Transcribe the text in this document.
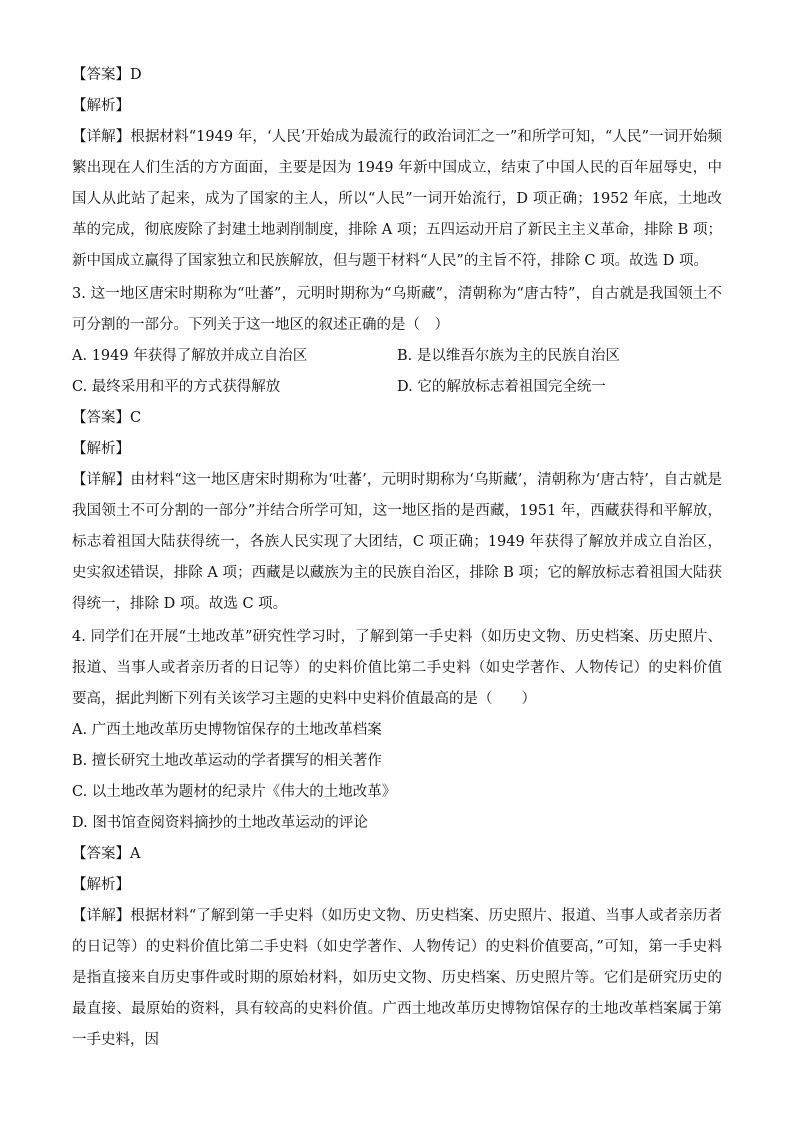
【答案】D
【解析】
【详解】根据材料“1949 年，‘人民’开始成为最流行的政治词汇之一”和所学可知，“人民”一词开始频繁出现在人们生活的方方面面，主要是因为 1949 年新中国成立，结束了中国人民的百年屈辱史，中国人从此站了起来，成为了国家的主人，所以“人民”一词开始流行，D 项正确；1952 年底，土地改革的完成，彻底废除了封建土地剥削制度，排除 A 项；五四运动开启了新民主主义革命，排除 B 项；新中国成立赢得了国家独立和民族解放，但与题干材料“人民”的主旨不符，排除 C 项。故选 D 项。
3. 这一地区唐宋时期称为“吐蕃”，元明时期称为“乌斯藏”，清朝称为“唐古特”，自古就是我国领土不可分割的一部分。下列关于这一地区的叙述正确的是（　）
A. 1949 年获得了解放并成立自治区	B. 是以维吾尔族为主的民族自治区
C. 最终采用和平的方式获得解放	D. 它的解放标志着祖国完全统一
【答案】C
【解析】
【详解】由材料“这一地区唐宋时期称为‘吐蕃’，元明时期称为‘乌斯藏’，清朝称为‘唐古特’，自古就是我国领土不可分割的一部分”并结合所学可知，这一地区指的是西藏，1951 年，西藏获得和平解放，标志着祖国大陆获得统一，各族人民实现了大团结，C 项正确；1949 年获得了解放并成立自治区，史实叙述错误，排除 A 项；西藏是以藏族为主的民族自治区，排除 B 项；它的解放标志着祖国大陆获得统一，排除 D 项。故选 C 项。
4. 同学们在开展“土地改革”研究性学习时，了解到第一手史料（如历史文物、历史档案、历史照片、报道、当事人或者亲历者的日记等）的史料价值比第二手史料（如史学著作、人物传记）的史料价值要高，据此判断下列有关该学习主题的史料中史料价值最高的是（　　）
A. 广西土地改革历史博物馆保存的土地改革档案
B. 擅长研究土地改革运动的学者撰写的相关著作
C. 以土地改革为题材的纪录片《伟大的土地改革》
D. 图书馆查阅资料摘抄的土地改革运动的评论
【答案】A
【解析】
【详解】根据材料“了解到第一手史料（如历史文物、历史档案、历史照片、报道、当事人或者亲历者的日记等）的史料价值比第二手史料（如史学著作、人物传记）的史料价值要高，”可知，第一手史料是指直接来自历史事件或时期的原始材料，如历史文物、历史档案、历史照片等。它们是研究历史的最直接、最原始的资料，具有较高的史料价值。广西土地改革历史博物馆保存的土地改革档案属于第一手史料，因
